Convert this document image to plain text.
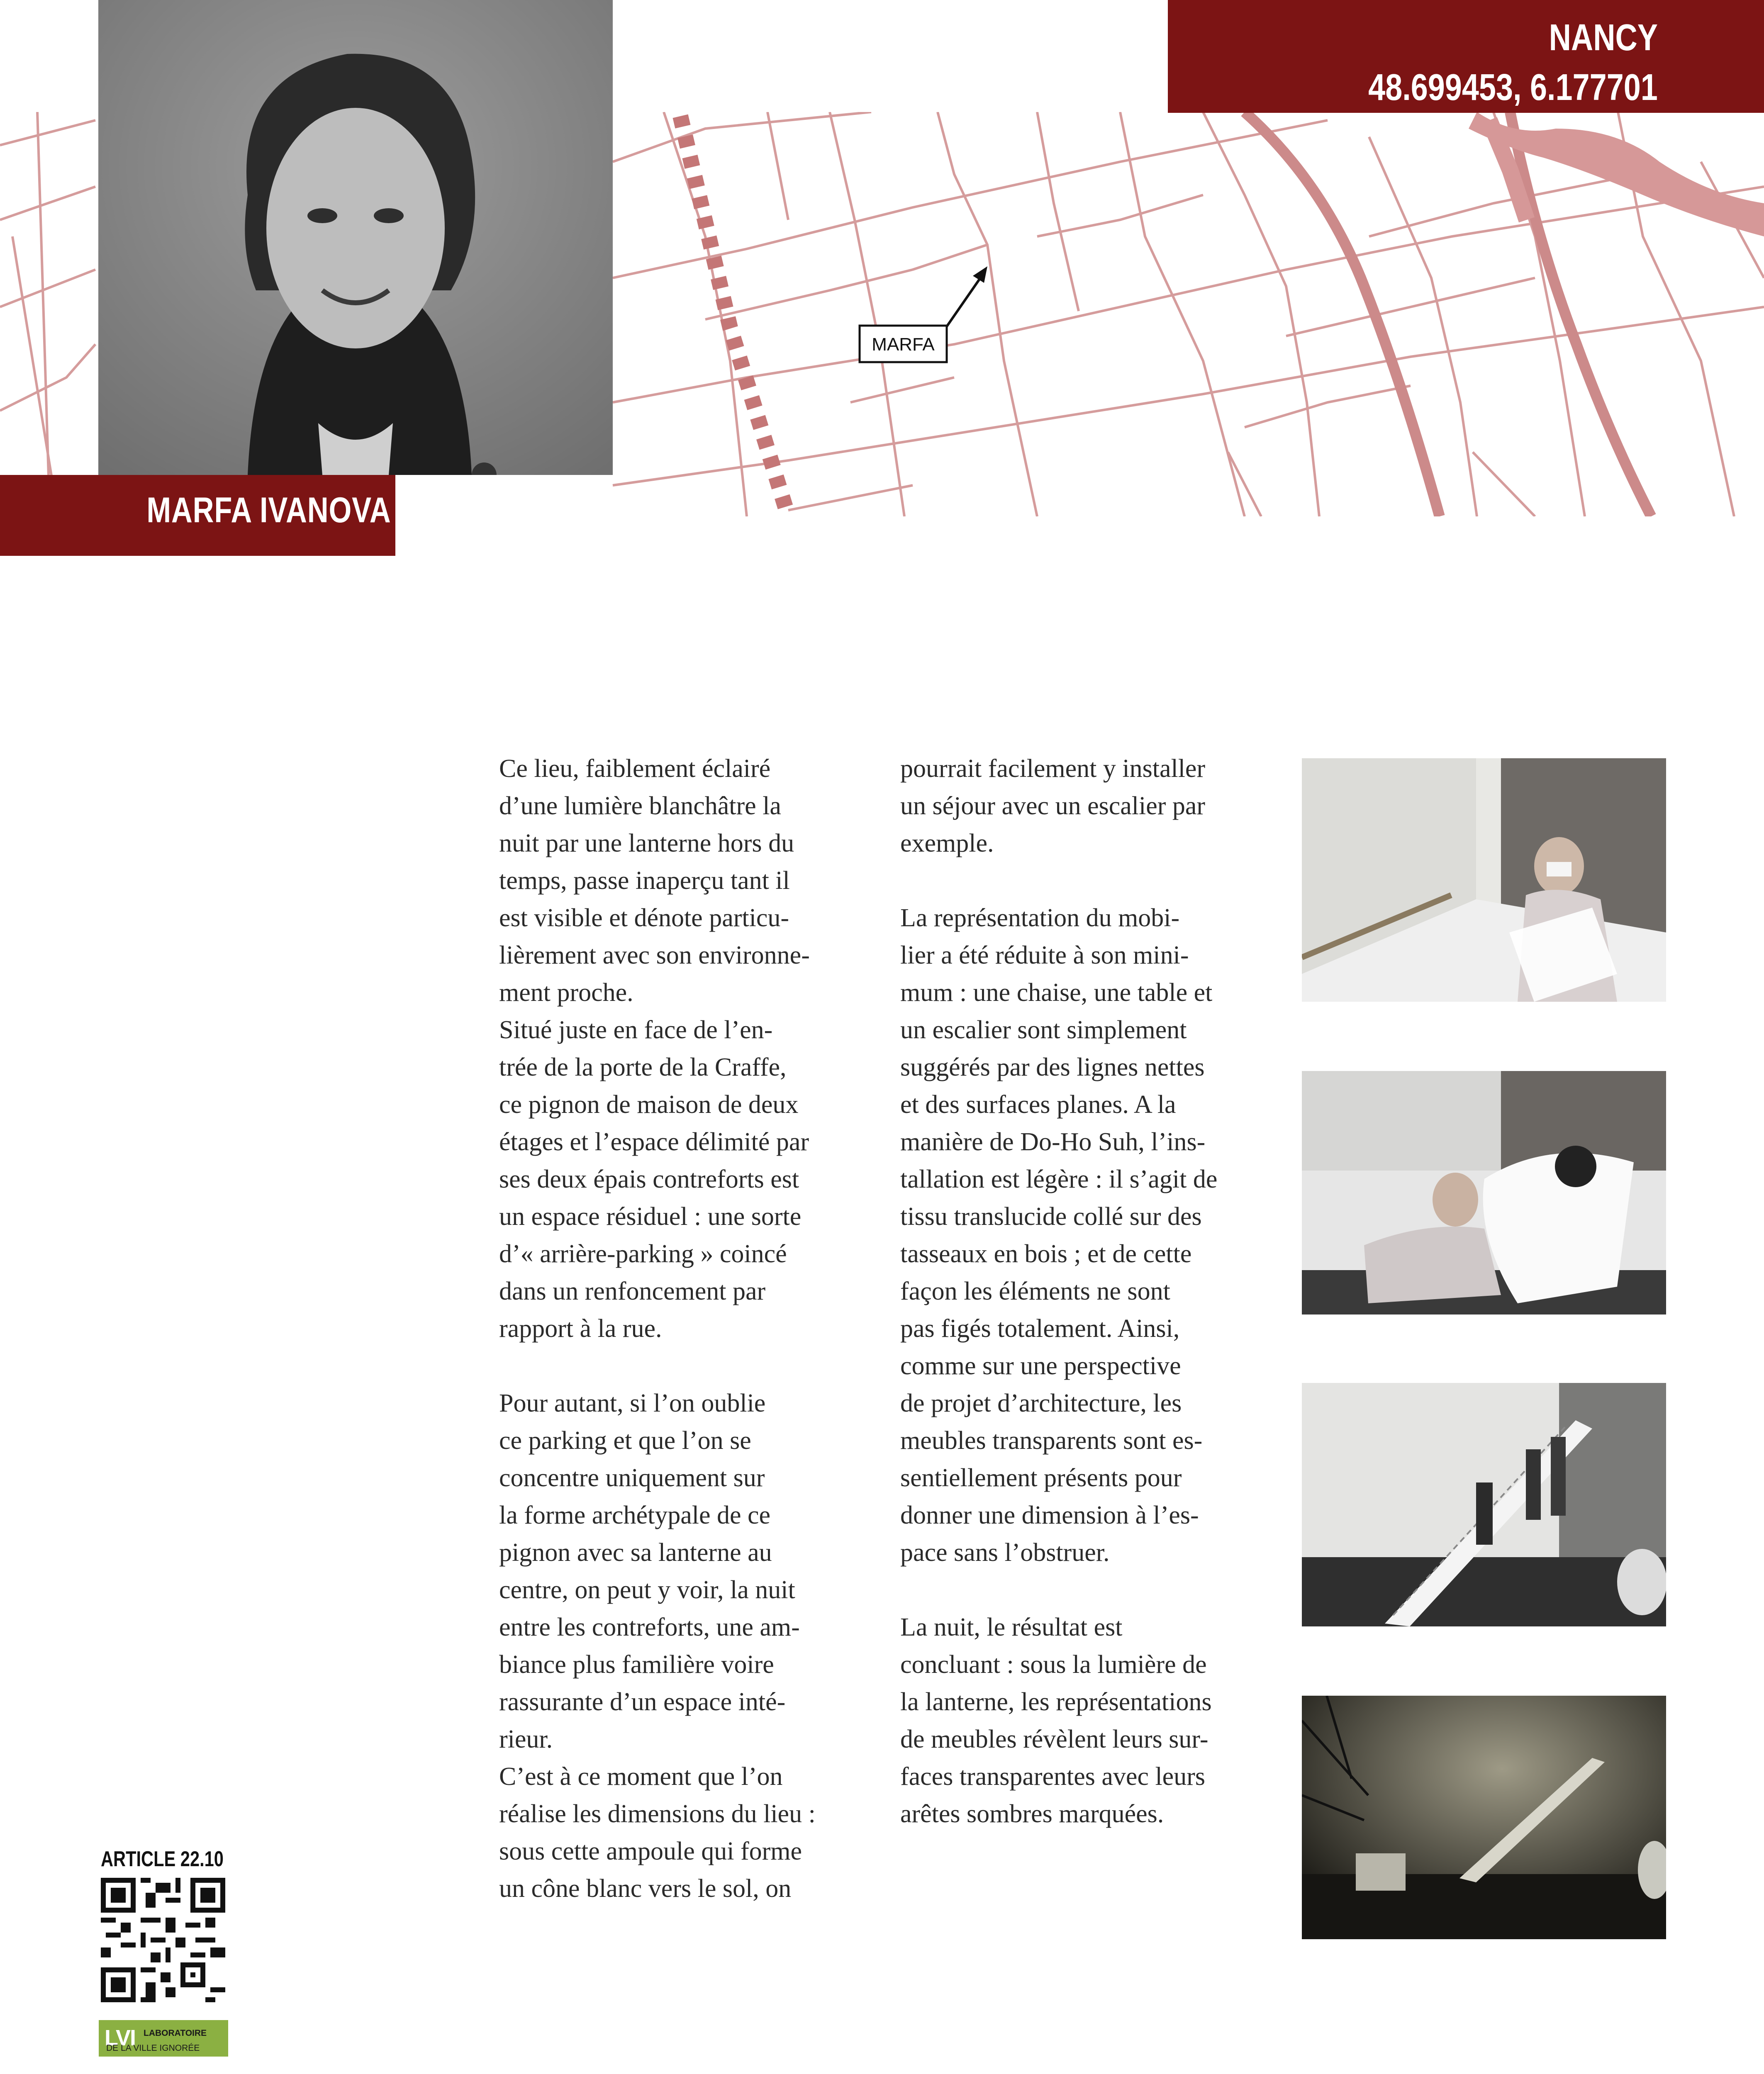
MARFA
MARFA IVANOVA
NANCY
48.699453, 6.177701
Ce lieu, faiblement éclairé
d’une lumière blanchâtre la
nuit par une lanterne hors du
temps, passe inaperçu tant il
est visible et dénote particu-
lièrement avec son environne-
ment proche.
Situé juste en face de l’en-
trée de la porte de la Craffe,
ce pignon de maison de deux
étages et l’espace délimité par
ses deux épais contreforts est
un espace résiduel : une sorte
d’« arrière-parking » coincé
dans un renfoncement par
rapport à la rue.

Pour autant, si l’on oublie
ce parking et que l’on se
concentre uniquement sur
la forme archétypale de ce
pignon avec sa lanterne au
centre, on peut y voir, la nuit
entre les contreforts, une am-
biance plus familière voire
rassurante d’un espace inté-
rieur.
C’est à ce moment que l’on
réalise les dimensions du lieu :
sous cette ampoule qui forme
un cône blanc vers le sol, on
pourrait facilement y installer
un séjour avec un escalier par
exemple.

La représentation du mobi-
lier a été réduite à son mini-
mum : une chaise, une table et
un escalier sont simplement
suggérés par des lignes nettes
et des surfaces planes. A la
manière de Do-Ho Suh, l’ins-
tallation est légère : il s’agit de
tissu translucide collé sur des
tasseaux en bois ; et de cette
façon les éléments ne sont
pas figés totalement. Ainsi,
comme sur une perspective
de projet d’architecture, les
meubles transparents sont es-
sentiellement présents pour
donner une dimension à l’es-
pace sans l’obstruer.

La nuit, le résultat est
concluant : sous la lumière de
la lanterne, les représentations
de meubles révèlent leurs sur-
faces transparentes avec leurs
arêtes sombres marquées.
ARTICLE 22.10
LVI LABORATOIRE
DE LA VILLE IGNORÉE
